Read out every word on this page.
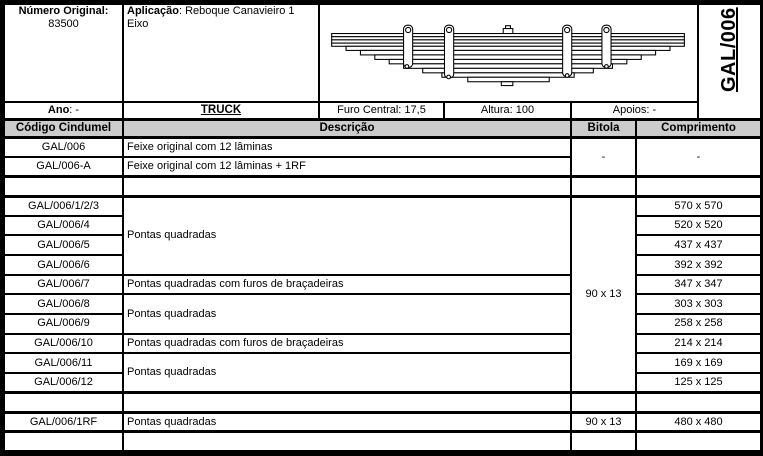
Número Original:
83500	Aplicação: Reboque Canavieiro 1 Eixo					GAL/006

Ano: -	TRUCK	Furo Central: 17,5	Altura: 100	Apoios: -		
Código Cindumel	Descrição			Bitola	Comprimento	
GAL/006	Feixe original com 12 lâminas			-	-	
GAL/006-A	Feixe original com 12 lâminas + 1RF					

GAL/006/1/2/3	Pontas quadradas			90 x 13	570 x 570	
GAL/006/4					520 x 520	
GAL/006/5					437 x 437	
GAL/006/6					392 x 392	
GAL/006/7	Pontas quadradas com furos de braçadeiras				347 x 347	
GAL/006/8	Pontas quadradas				303 x 303	
GAL/006/9					258 x 258	
GAL/006/10	Pontas quadradas com furos de braçadeiras				214 x 214	
GAL/006/11	Pontas quadradas				169 x 169	
GAL/006/12					125 x 125	

GAL/006/1RF	Pontas quadradas			90 x 13	480 x 480	
